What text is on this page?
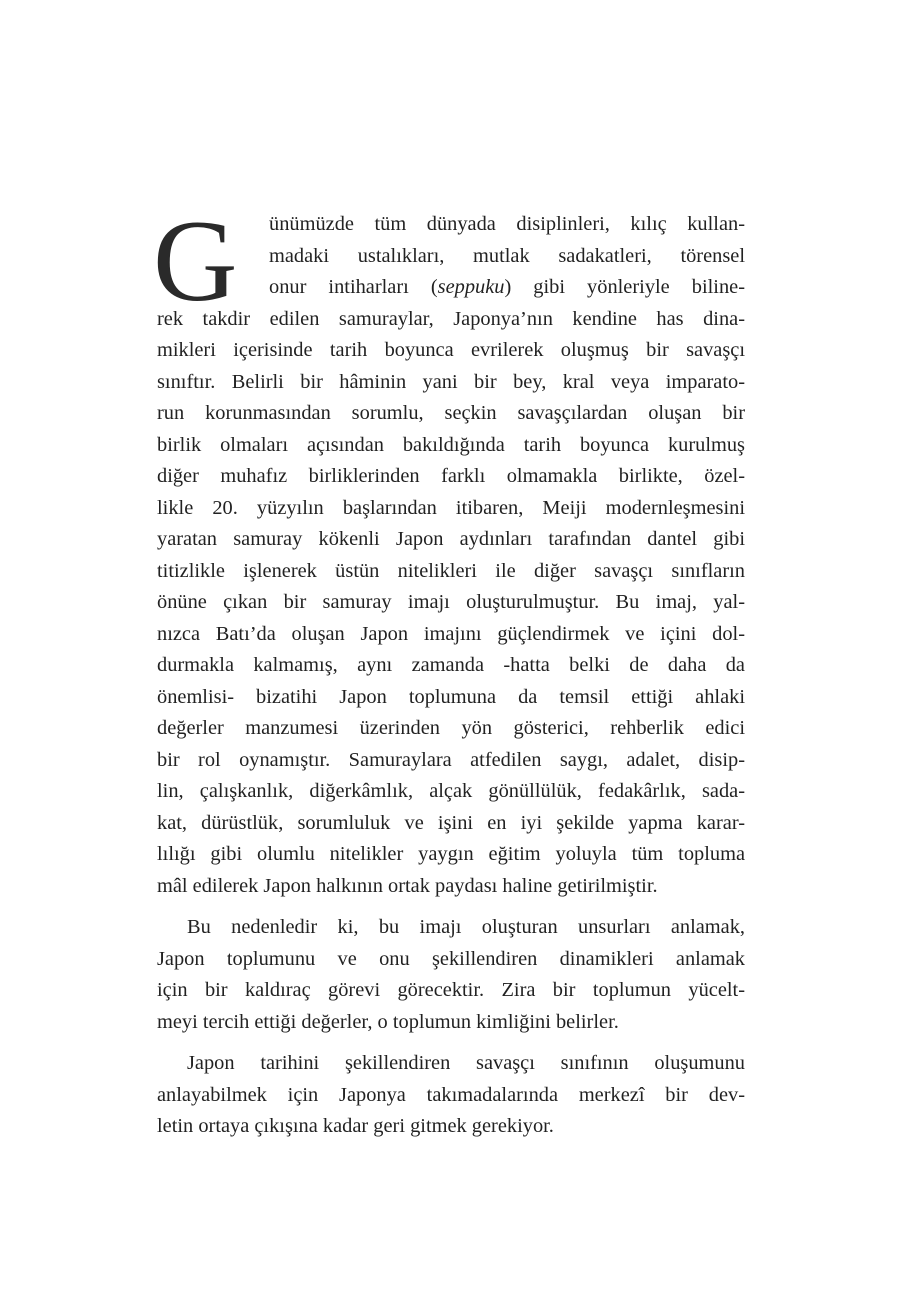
G	ünümüzde tüm dünyada disiplinleri, kılıç kullan-
madaki ustalıkları, mutlak sadakatleri, törensel
onur intiharları (seppuku) gibi yönleriyle biline-
rek takdir edilen samuraylar, Japonya’nın kendine has dina-
mikleri içerisinde tarih boyunca evrilerek oluşmuş bir savaşçı
sınıftır. Belirli bir hâminin yani bir bey, kral veya imparato-
run korunmasından sorumlu, seçkin savaşçılardan oluşan bir
birlik olmaları açısından bakıldığında tarih boyunca kurulmuş
diğer muhafız birliklerinden farklı olmamakla birlikte, özel-
likle 20. yüzyılın başlarından itibaren, Meiji modernleşmesini
yaratan samuray kökenli Japon aydınları tarafından dantel gibi
titizlikle işlenerek üstün nitelikleri ile diğer savaşçı sınıfların
önüne çıkan bir samuray imajı oluşturulmuştur. Bu imaj, yal-
nızca Batı’da oluşan Japon imajını güçlendirmek ve içini dol-
durmakla kalmamış, aynı zamanda -hatta belki de daha da
önemlisi- bizatihi Japon toplumuna da temsil ettiği ahlaki
değerler manzumesi üzerinden yön gösterici, rehberlik edici
bir rol oynamıştır. Samuraylara atfedilen saygı, adalet, disip-
lin, çalışkanlık, diğerkâmlık, alçak gönüllülük, fedakârlık, sada-
kat, dürüstlük, sorumluluk ve işini en iyi şekilde yapma karar-
lılığı gibi olumlu nitelikler yaygın eğitim yoluyla tüm topluma
mâl edilerek Japon halkının ortak paydası haline getirilmiştir.
Bu nedenledir ki, bu imajı oluşturan unsurları anlamak,
Japon toplumunu ve onu şekillendiren dinamikleri anlamak
için bir kaldıraç görevi görecektir. Zira bir toplumun yücelt-
meyi tercih ettiği değerler, o toplumun kimliğini belirler.
Japon tarihini şekillendiren savaşçı sınıfının oluşumunu
anlayabilmek için Japonya takımadalarında merkezî bir dev-
letin ortaya çıkışına kadar geri gitmek gerekiyor.
